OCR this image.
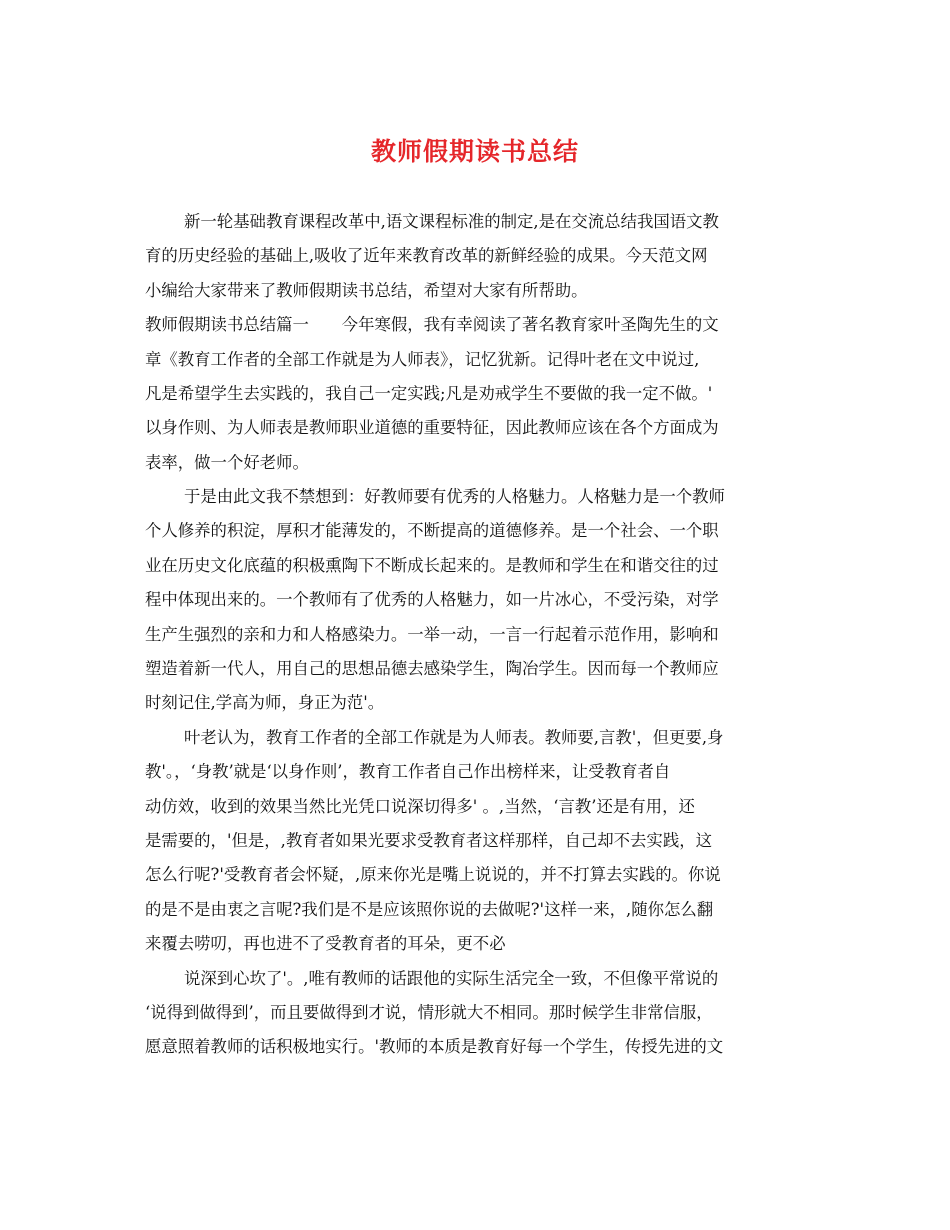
教师假期读书总结
新一轮基础教育课程改革中,语文课程标准的制定,是在交流总结我国语文教
育的历史经验的基础上,吸收了近年来教育改革的新鲜经验的成果。今天范文网
小编给大家带来了教师假期读书总结，希望对大家有所帮助。
教师假期读书总结篇一　　今年寒假，我有幸阅读了著名教育家叶圣陶先生的文
章《教育工作者的全部工作就是为人师表》，记忆犹新。记得叶老在文中说过,
凡是希望学生去实践的，我自己一定实践;凡是劝戒学生不要做的我一定不做。'
以身作则、为人师表是教师职业道德的重要特征，因此教师应该在各个方面成为
表率，做一个好老师。
于是由此文我不禁想到：好教师要有优秀的人格魅力。人格魅力是一个教师
个人修养的积淀，厚积才能薄发的，不断提高的道德修养。是一个社会、一个职
业在历史文化底蕴的积极熏陶下不断成长起来的。是教师和学生在和谐交往的过
程中体现出来的。一个教师有了优秀的人格魅力，如一片冰心，不受污染，对学
生产生强烈的亲和力和人格感染力。一举一动，一言一行起着示范作用，影响和
塑造着新一代人，用自己的思想品德去感染学生，陶冶学生。因而每一个教师应
时刻记住,学高为师，身正为范'。
叶老认为，教育工作者的全部工作就是为人师表。教师要,言教'，但更要,身
教'。，‘身教’就是‘以身作则’，教育工作者自己作出榜样来，让受教育者自
动仿效，收到的效果当然比光凭口说深切得多' 。,当然，‘言教’还是有用，还
是需要的，'但是，,教育者如果光要求受教育者这样那样，自己却不去实践，这
怎么行呢?'受教育者会怀疑，,原来你光是嘴上说说的，并不打算去实践的。你说
的是不是由衷之言呢?我们是不是应该照你说的去做呢?'这样一来，,随你怎么翻
来覆去唠叨，再也进不了受教育者的耳朵，更不必
说深到心坎了'。,唯有教师的话跟他的实际生活完全一致，不但像平常说的
‘说得到做得到’，而且要做得到才说，情形就大不相同。那时候学生非常信服，
愿意照着教师的话积极地实行。'教师的本质是教育好每一个学生，传授先进的文
